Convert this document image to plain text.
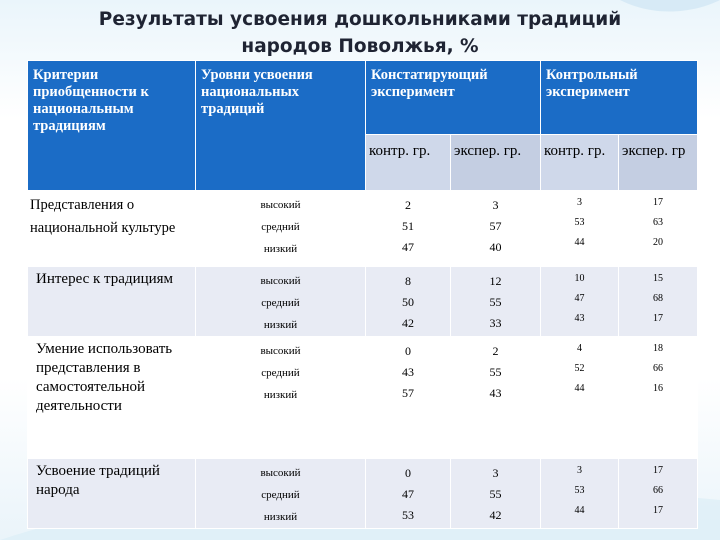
Результаты усвоения дошкольниками традиций
народов Поволжья, %
Критерии приобщенности к национальным традициям	Уровни усвоения национальных традиций	Констатирующий эксперимент		Контрольный эксперимент	
		контр. гр.	экспер. гр.	контр. гр.	экспер. гр
Представления о национальной культуре	высокий
средний
низкий	2
51
47	3
57
40	3
53
44	17
63
20

Интерес к традициям	высокий
средний
низкий	8
50
42	12
55
33	10
47
43	15
68
17

Умение использовать представления в самостоятельной деятельности	высокий
средний
низкий	0
43
57	2
55
43	4
52
44	18
66
16

Усвоение традиций народа	высокий
средний
низкий	0
47
53	3
55
42	3
53
44	17
66
17
